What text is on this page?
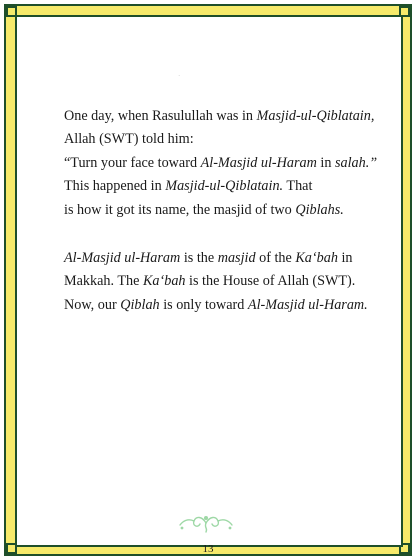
·
One day, when Rasulullah was in Masjid-ul-Qiblatain,
Allah (SWT) told him:
“Turn your face toward Al-Masjid ul-Haram in salah.”
This happened in Masjid-ul-Qiblatain. That
is how it got its name, the masjid of two Qiblahs.
Al-Masjid ul-Haram is the masjid of the Ka‘bah in
Makkah. The Ka‘bah is the House of Allah (SWT).
Now, our Qiblah is only toward Al-Masjid ul-Haram.
13
